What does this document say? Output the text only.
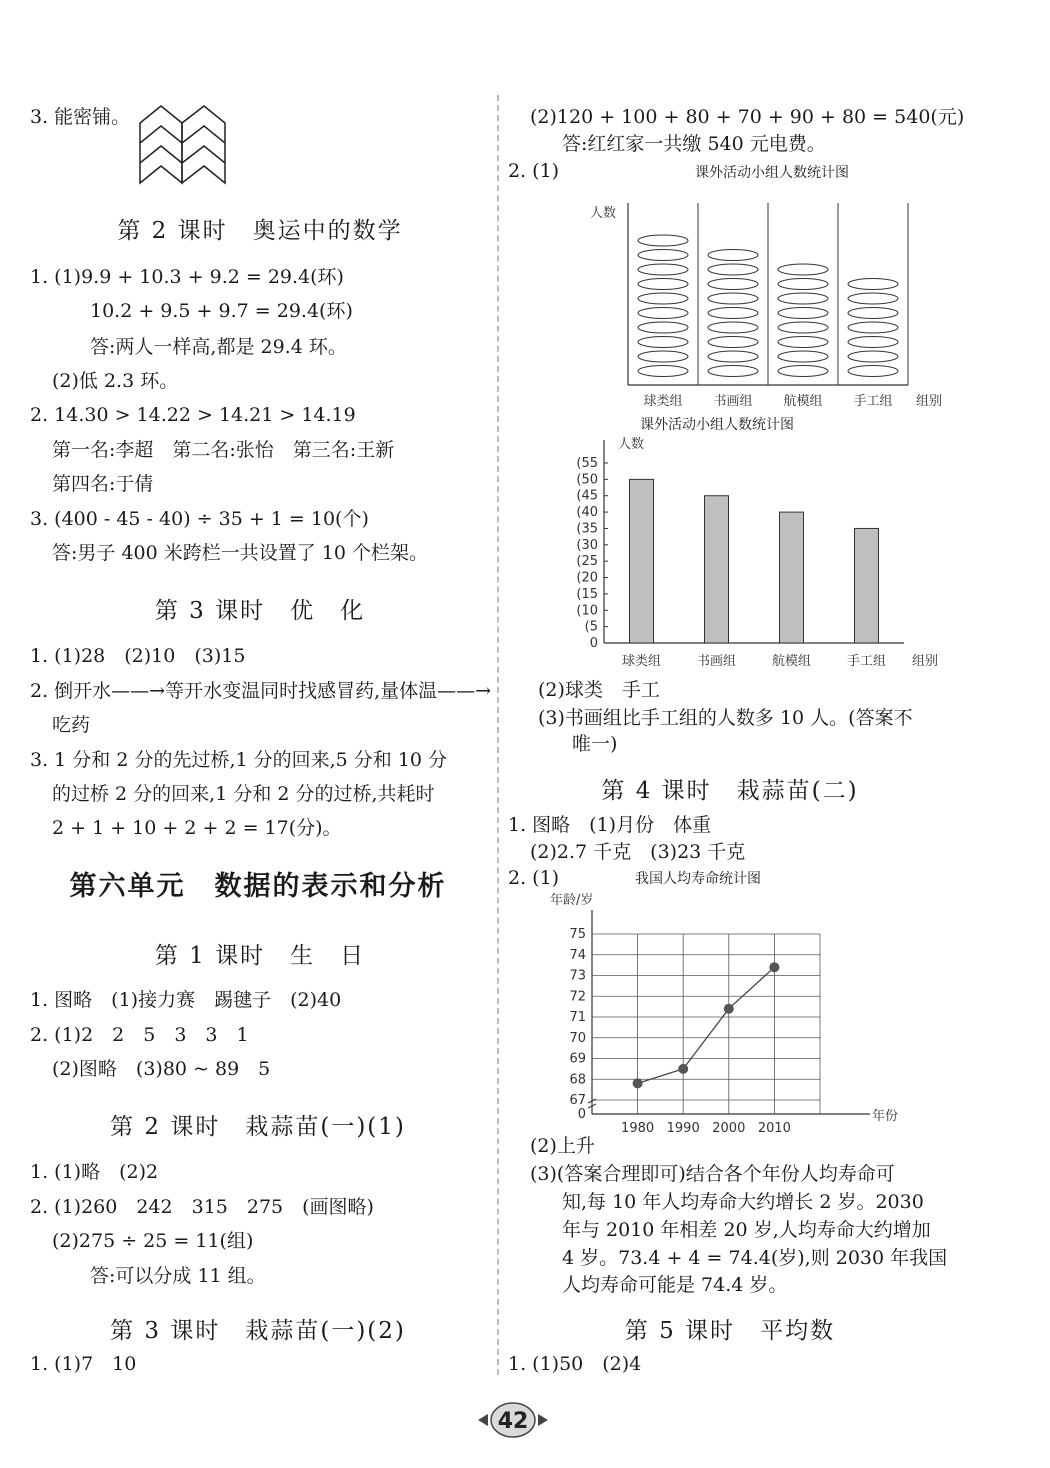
3. 能密铺。
第 2 课时　奥运中的数学
1. (1)9.9 + 10.3 + 9.2 = 29.4(环)
10.2 + 9.5 + 9.7 = 29.4(环)
答:两人一样高,都是 29.4 环。
(2)低 2.3 环。
2. 14.30 > 14.22 > 14.21 > 14.19
第一名:李超　第二名:张怡　第三名:王新
第四名:于倩
3. (400 - 45 - 40) ÷ 35 + 1 = 10(个)
答:男子 400 米跨栏一共设置了 10 个栏架。
第 3 课时　优　化
1. (1)28　(2)10　(3)15
2. 倒开水——→等开水变温同时找感冒药,量体温——→
吃药
3. 1 分和 2 分的先过桥,1 分的回来,5 分和 10 分
的过桥 2 分的回来,1 分和 2 分的过桥,共耗时
2 + 1 + 10 + 2 + 2 = 17(分)。
第六单元　数据的表示和分析
第 1 课时　生　日
1. 图略　(1)接力赛　踢毽子　(2)40
2. (1)2　2　5　3　3　1
(2)图略　(3)80 ~ 89　5
第 2 课时　栽蒜苗(一)(1)
1. (1)略　(2)2
2. (1)260　242　315　275　(画图略)
(2)275 ÷ 25 = 11(组)
答:可以分成 11 组。
第 3 课时　栽蒜苗(一)(2)
1. (1)7　10
(2)120 + 100 + 80 + 70 + 90 + 80 = 540(元)
答:红红家一共缴 540 元电费。
2. (1)	课外活动小组人数统计图
人数
组别
球类组 书画组 航模组 手工组
课外活动小组人数统计图
人数
组别
(55
(50
(45
(40
(35
(30
(25
(20
(15
(10
(5
0
球类组	书画组	航模组	手工组
(2)球类　手工
(3)书画组比手工组的人数多 10 人。(答案不
唯一)
第 4 课时　栽蒜苗(二)
1. 图略　(1)月份　体重
(2)2.7 千克　(3)23 千克
2. (1)	我国人均寿命统计图
年龄/岁
年份
75
74
73
72
71
70
69
68
67
0
1980 1990 2000 2010
(2)上升
(3)(答案合理即可)结合各个年份人均寿命可
知,每 10 年人均寿命大约增长 2 岁。2030
年与 2010 年相差 20 岁,人均寿命大约增加
4 岁。73.4 + 4 = 74.4(岁),则 2030 年我国
人均寿命可能是 74.4 岁。
第 5 课时　平均数
1. (1)50　(2)4
42
